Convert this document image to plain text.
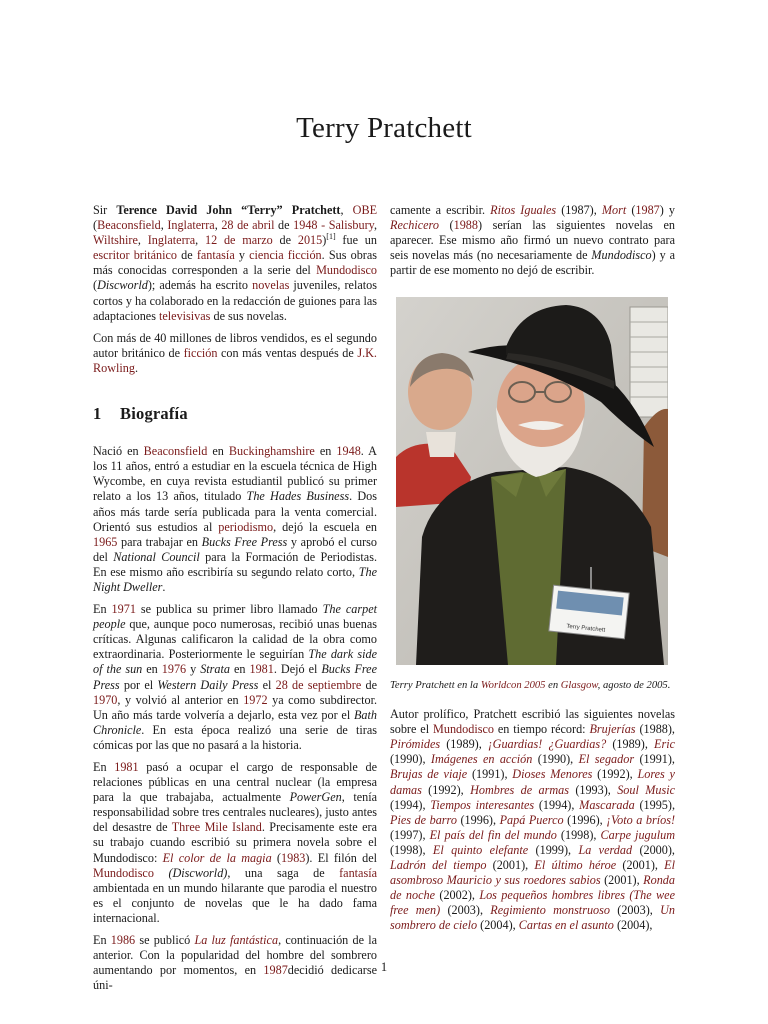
Terry Pratchett

Sir Terence David John “Terry” Pratchett, OBE (Beaconsfield, Inglaterra, 28 de abril de 1948 - Salisbury, Wiltshire, Inglaterra, 12 de marzo de 2015)[1] fue un escritor británico de fantasía y ciencia ficción. Sus obras más conocidas corresponden a la serie del Mundodisco (Discworld); además ha escrito novelas juveniles, relatos cortos y ha colaborado en la redacción de guiones para las adaptaciones televisivas de sus novelas.

Con más de 40 millones de libros vendidos, es el segundo autor británico de ficción con más ventas después de J.K. Rowling.

1 Biografía

Nació en Beaconsfield en Buckinghamshire en 1948. A los 11 años, entró a estudiar en la escuela técnica de High Wycombe, en cuya revista estudiantil publicó su primer relato a los 13 años, titulado The Hades Business. Dos años más tarde sería publicada para la venta comercial. Orientó sus estudios al periodismo, dejó la escuela en 1965 para trabajar en Bucks Free Press y aprobó el curso del National Council para la Formación de Periodistas. En ese mismo año escribiría su segundo relato corto, The Night Dweller.

En 1971 se publica su primer libro llamado The carpet people que, aunque poco numerosas, recibió unas buenas críticas. Algunas calificaron la calidad de la obra como extraordinaria. Posteriormente le seguirían The dark side of the sun en 1976 y Strata en 1981. Dejó el Bucks Free Press por el Western Daily Press el 28 de septiembre de 1970, y volvió al anterior en 1972 ya como subdirector. Un año más tarde volvería a dejarlo, esta vez por el Bath Chronicle. En esta época realizó una serie de tiras cómicas por las que no pasará a la historia.

En 1981 pasó a ocupar el cargo de responsable de relaciones públicas en una central nuclear (la empresa para la que trabajaba, actualmente PowerGen, tenía responsabilidad sobre tres centrales nucleares), justo antes del desastre de Three Mile Island. Precisamente este era su trabajo cuando escribió su primera novela sobre el Mundodisco: El color de la magia (1983). El filón del Mundodisco (Discworld), una saga de fantasía ambientada en un mundo hilarante que parodia el nuestro es el conjunto de novelas que le ha dado fama internacional.

En 1986 se publicó La luz fantástica, continuación de la anterior. Con la popularidad del hombre del sombrero aumentando por momentos, en 1987decidió dedicarse úni-

camente a escribir. Ritos Iguales (1987), Mort (1987) y Rechicero (1988) serían las siguientes novelas en aparecer. Ese mismo año firmó un nuevo contrato para seis novelas más (no necesariamente de Mundodisco) y a partir de ese momento no dejó de escribir.

Terry Pratchett

Terry Pratchett en la Worldcon 2005 en Glasgow, agosto de 2005.

Autor prolífico, Pratchett escribió las siguientes novelas sobre el Mundodisco en tiempo récord: Brujerías (1988), Pirómides (1989), ¡Guardias! ¿Guardias? (1989), Eric (1990), Imágenes en acción (1990), El segador (1991), Brujas de viaje (1991), Dioses Menores (1992), Lores y damas (1992), Hombres de armas (1993), Soul Music (1994), Tiempos interesantes (1994), Mascarada (1995), Pies de barro (1996), Papá Puerco (1996), ¡Voto a bríos! (1997), El país del fin del mundo (1998), Carpe jugulum (1998), El quinto elefante (1999), La verdad (2000), Ladrón del tiempo (2001), El último héroe (2001), El asombroso Mauricio y sus roedores sabios (2001), Ronda de noche (2002), Los pequeños hombres libres (The wee free men) (2003), Regimiento monstruoso (2003), Un sombrero de cielo (2004), Cartas en el asunto (2004),

1
